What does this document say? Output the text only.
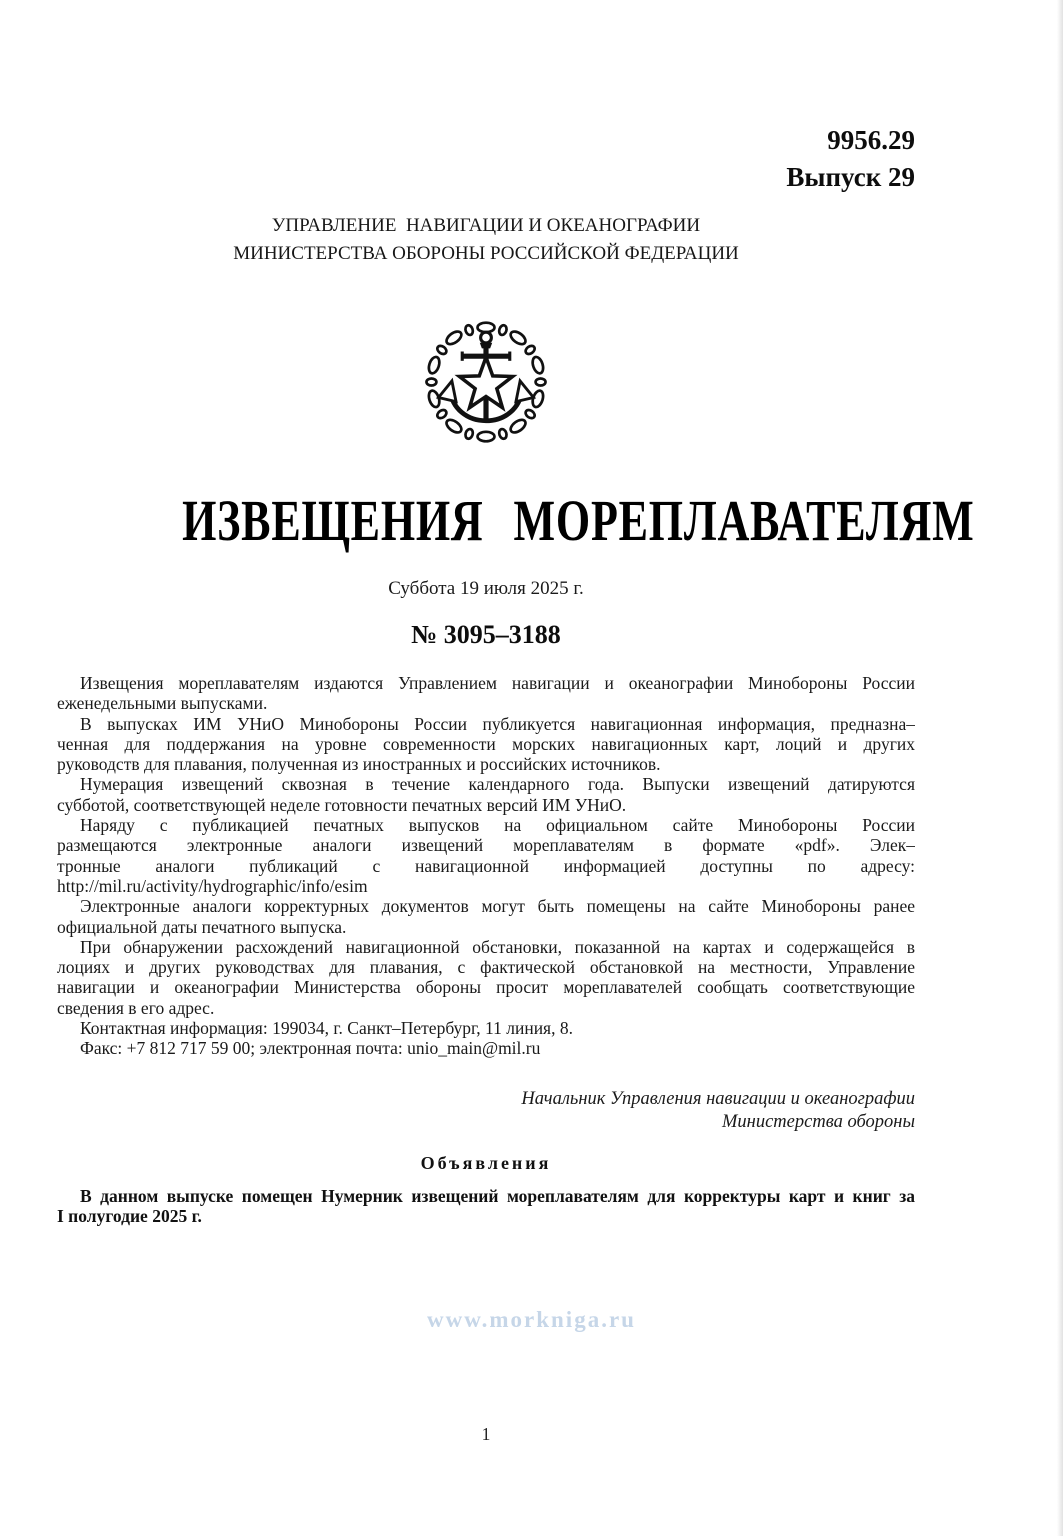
9956.29
Выпуск 29
УПРАВЛЕНИЕ  НАВИГАЦИИ И ОКЕАНОГРАФИИ
МИНИСТЕРСТВА ОБОРОНЫ РОССИЙСКОЙ ФЕДЕРАЦИИ
ИЗВЕЩЕНИЯ МОРЕПЛАВАТЕЛЯМ
Суббота 19 июля 2025 г.
№ 3095–3188
Извещения мореплавателям издаются Управлением навигации и океанографии Минобороны России
еженедельными выпусками.
В выпусках ИМ УНиО Минобороны России публикуется навигационная информация, предназна–
ченная для поддержания на уровне современности морских навигационных карт, лоций и других
руководств для плавания, полученная из иностранных и российских источников.
Нумерация извещений сквозная в течение календарного года. Выпуски извещений датируются
субботой, соответствующей неделе готовности печатных версий ИМ УНиО.
Наряду с публикацией печатных выпусков на официальном сайте Минобороны России
размещаются электронные аналоги извещений мореплавателям в формате «pdf». Элек–
тронные аналоги публикаций с навигационной информацией доступны по адресу:
http://mil.ru/activity/hydrographic/info/esim
Электронные аналоги корректурных документов могут быть помещены на сайте Минобороны ранее
официальной даты печатного выпуска.
При обнаружении расхождений навигационной обстановки, показанной на картах и содержащейся в
лоциях и других руководствах для плавания, с фактической обстановкой на местности, Управление
навигации и океанографии Министерства обороны просит мореплавателей сообщать соответствующие
сведения в его адрес.
Контактная информация: 199034, г. Санкт–Петербург, 11 линия, 8.
Факс: +7 812 717 59 00; электронная почта: unio_main@mil.ru
Начальник Управления навигации и океанографии
Министерства обороны
Объявления
В данном выпуске помещен Нумерник извещений мореплавателям для корректуры карт и книг за
I полугодие 2025 г.
www.morkniga.ru
1
